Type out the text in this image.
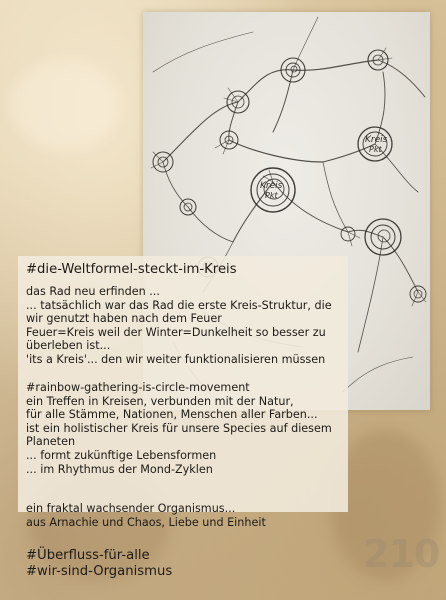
Kreis
Pkt
Kreis
Pkt
#die-Weltformel-steckt-im-Kreis
das Rad neu erfinden ...
... tatsächlich war das Rad die erste Kreis-Struktur, die
wir genutzt haben nach dem Feuer
Feuer=Kreis weil der Winter=Dunkelheit so besser zu
überleben ist...
'its a Kreis'... den wir weiter funktionalisieren müssen
#rainbow-gathering-is-circle-movement
ein Treffen in Kreisen, verbunden mit der Natur,
für alle Stämme, Nationen, Menschen aller Farben...
ist ein holistischer Kreis für unsere Species auf diesem
Planeten
... formt zukünftige Lebensformen
... im Rhythmus der Mond-Zyklen
ein fraktal wachsender Organismus...
aus Arnachie und Chaos, Liebe und Einheit
#Überfluss-für-alle
#wir-sind-Organismus	210
